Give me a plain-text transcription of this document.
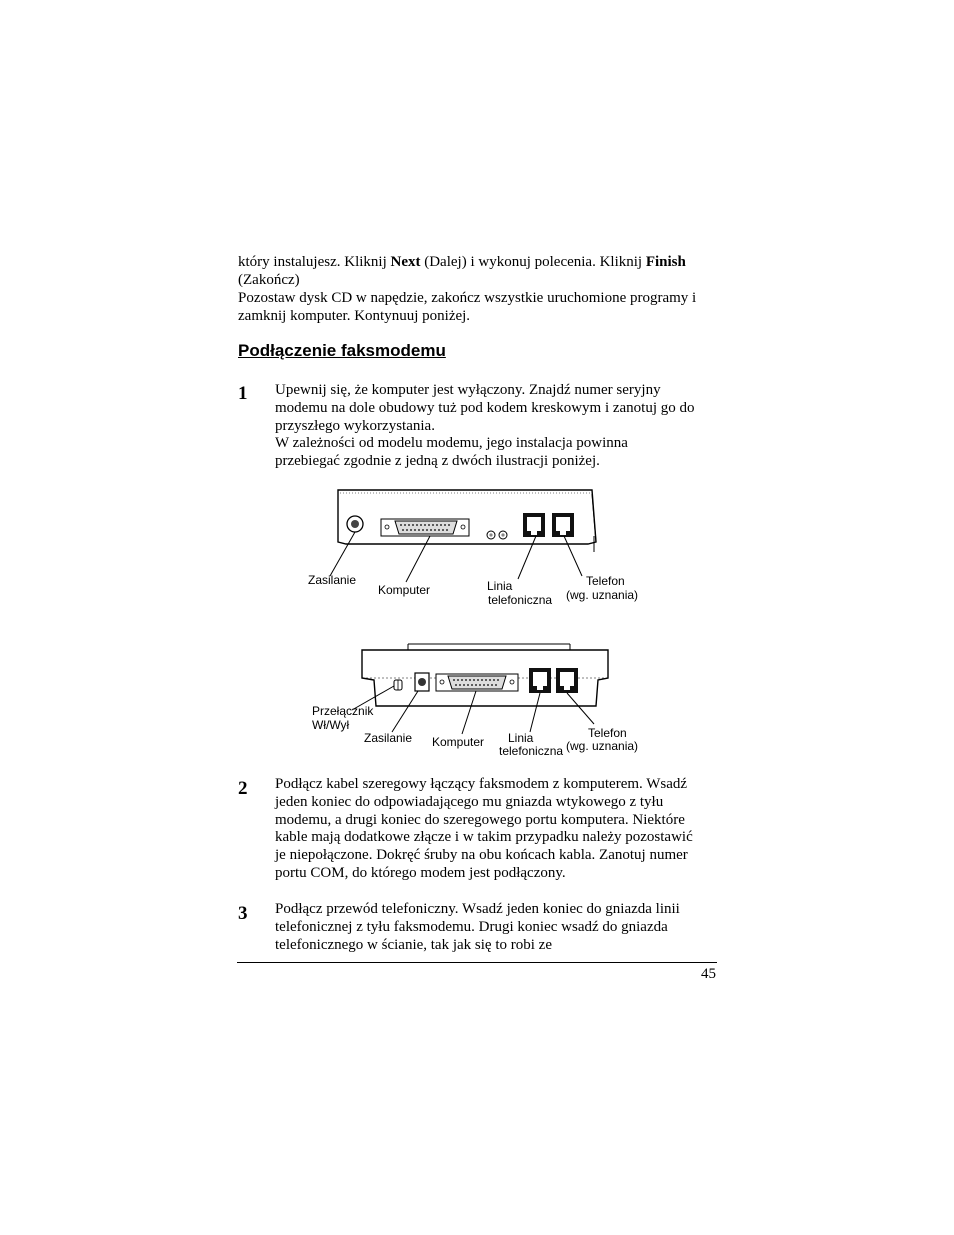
który instalujesz. Kliknij Next (Dalej) i wykonuj polecenia. Kliknij Finish
(Zakończ)

Pozostaw dysk CD w napędzie, zakończ wszystkie uruchomione programy i zamknij komputer. Kontynuuj poniżej.

Podłączenie faksmodemu
1 Upewnij się, że komputer jest wyłączony. Znajdź numer seryjny modemu na dole obudowy tuż pod kodem kreskowym i zanotuj go do przyszłego wykorzystania.
W zależności od modelu modemu, jego instalacja powinna przebiegać zgodnie z jedną z dwóch ilustracji poniżej.

Zasilanie
Komputer	Linia
telefoniczna
Telefon
(wg. uznania)
Przełącznik
Wł/Wył
Zasilanie Komputer Linia
telefoniczna
Telefon
(wg. uznania)
2 Podłącz kabel szeregowy łączący faksmodem z komputerem. Wsadź jeden koniec do odpowiadającego mu gniazda wtykowego z tyłu modemu, a drugi koniec do szeregowego portu komputera. Niektóre kable mają dodatkowe złącze i w takim przypadku należy pozostawić je niepołączone. Dokręć śruby na obu końcach kabla. Zanotuj numer portu COM, do którego modem jest podłączony.

3 Podłącz przewód telefoniczny. Wsadź jeden koniec do gniazda linii telefonicznej z tyłu faksmodemu. Drugi koniec wsadź do gniazda telefonicznego w ścianie, tak jak się to robi ze

45
